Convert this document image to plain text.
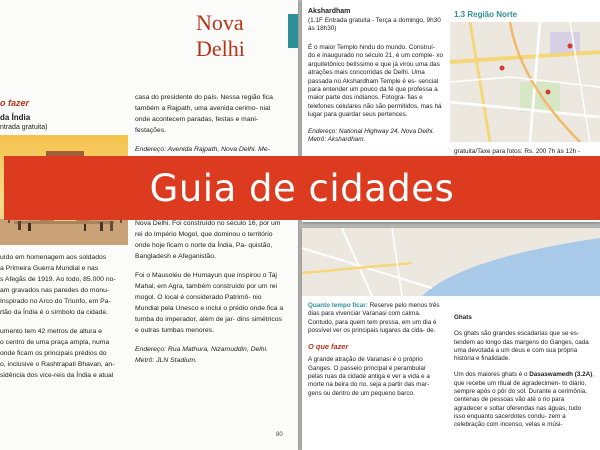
Nova Delhi
o fazer
da Índia
ntrada gratuita)
uído em homenagem aos soldados
a Primeira Guerra Mundial e nas
s Afegãs de 1919. Ao todo, 85.000 no-
am gravados nas paredes do monu-
Inspirado no Arco do Triunfo, em Pa-
rtão da Índia é o símbolo da cidade.
umento tem 42 metros de altura e
o centro de uma praça ampla, numa
onde ficam os principais prédios do
o, inclusive o Rashtrapati Bhavan, an-
sidência dos vice-reis da Índia e atual

casa do presidente do país. Nessa região fica também a Rajpath, uma avenida cerimo- nial onde acontecem paradas, festas e mani- festações.

Endereço: Avenida Rajpath, Nova Delhi. Me-

Nova Delhi. Foi construído no século 16, por um rei do Império Mogol, que dominou o território onde hoje ficam o norte da Índia, Pa- quistão, Bangladesh e Afeganistão.

Foi o Mausoléu de Humayun que inspirou o Taj Mahal, em Agra, também construído por um rei mogol. O local é considerado Patrimô- nio Mundial pela Unesco e inclui o prédio onde fica a tumba do imperador, além de jar- dins simétricos e outras tumbas menores.

Endereço: Rua Mathura, Nizamuddin, Delhi. Metrô: JLN Stadium.

80
Akshardham
(1.1F Entrada gratuita - Terça a domingo, 9h30 às 18h30)

É o maior Templo hindu do mundo. Construí- do e inaugurado no século 21, é um comple- xo arquitetônico belíssimo e que já virou uma das atrações mais concorridas de Delhi. Uma passada no Akshardham Temple é es- sencial para entender um pouco da fé que professa a maior parte dos indianos. Fotogra- fias e telefones celulares não são permitidos, mas há lugar para guardar seus pertences.

Endereço: National Highway 24, Nova Delhi. Metrô: Akshardham.

1.3 Região Norte
gratuita/Taxe para fotos: Rs. 200 7h às 12h -

Quanto tempo ficar: Reserve pelo menos três dias para vivenciar Varanasi com calma. Contudo, para quem tem pressa, em um dia é possível ver os principais lugares da cida- de.

O que fazer

A grande atração de Varanasi é o próprio Ganges. O passeio principal é perambular pelas ruas da cidade antiga e ver a vida e a morte na beira do rio, seja a partir das mar- gens ou dentro de um pequeno barco.

Ghats

Os ghats são grandes escadarias que se es- tendem ao longo das margens do Ganges, cada uma devotada a um deus e com sua própria história e finalidade.

Um dos maiores ghats é o Dasaswamedh (3.2A), que recebe um ritual de agradecimen- to diário, sempre após o pôr do sol. Durante a cerimônia, centenas de pessoas vão até o rio para agradecer e soltar oferendas nas águas, tudo isso enquanto sacerdotes condu- zem a celebração com incenso, velas e músi-

Guia de cidades
